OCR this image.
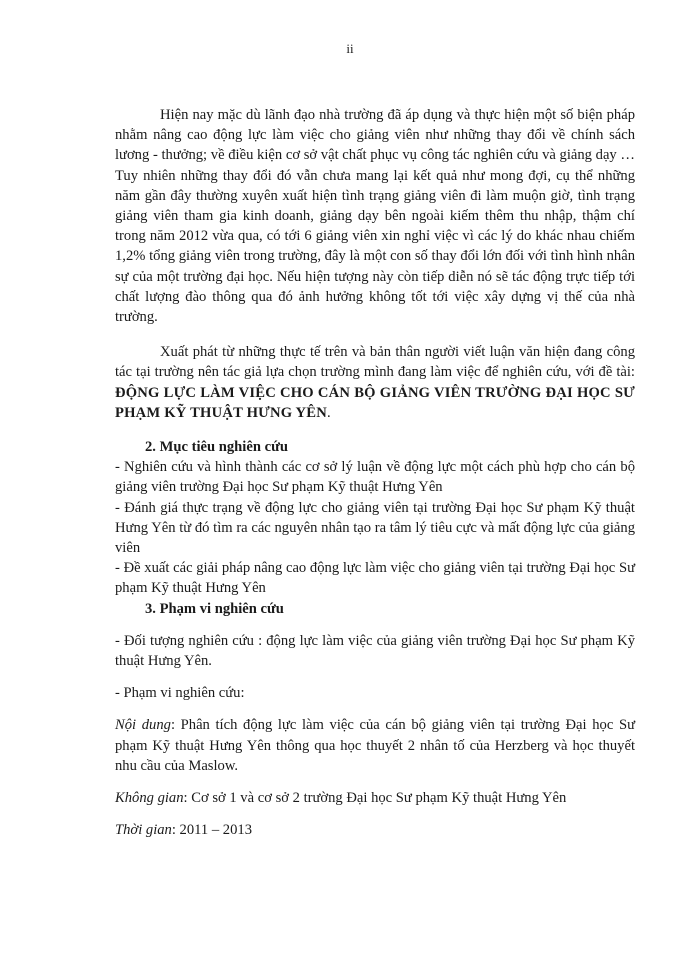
ii

Hiện nay mặc dù lãnh đạo nhà trường đã áp dụng và thực hiện một số biện pháp nhằm nâng cao động lực làm việc cho giảng viên như những thay đổi về chính sách lương - thưởng; về điều kiện cơ sở vật chất phục vụ công tác nghiên cứu và giảng dạy … Tuy nhiên những thay đổi đó vẫn chưa mang lại kết quả như mong đợi, cụ thể những năm gần đây thường xuyên xuất hiện tình trạng giảng viên đi làm muộn giờ, tình trạng giảng viên tham gia kinh doanh, giảng dạy bên ngoài kiếm thêm thu nhập, thậm chí trong năm 2012 vừa qua, có tới 6 giảng viên xin nghỉ việc vì các lý do khác nhau chiếm 1,2% tổng giảng viên trong trường, đây là một con số thay đổi lớn đối với tình hình nhân sự của một trường đại học. Nếu hiện tượng này còn tiếp diễn nó sẽ tác động trực tiếp tới chất lượng đào thông qua đó ảnh hưởng không tốt tới việc xây dựng vị thế của nhà trường.

Xuất phát từ những thực tế trên và bản thân người viết luận văn hiện đang công tác tại trường nên tác giả lựa chọn trường mình đang làm việc để nghiên cứu, với đề tài: ĐỘNG LỰC LÀM VIỆC CHO CÁN BỘ GIẢNG VIÊN TRƯỜNG ĐẠI HỌC SƯ PHẠM KỸ THUẬT HƯNG YÊN.

2. Mục tiêu nghiên cứu

- Nghiên cứu và hình thành các cơ sở lý luận về động lực một cách phù hợp cho cán bộ giảng viên trường Đại học Sư phạm Kỹ thuật Hưng Yên

- Đánh giá thực trạng về động lực cho giảng viên tại trường Đại học Sư phạm Kỹ thuật Hưng Yên từ đó tìm ra các nguyên nhân tạo ra tâm lý tiêu cực và mất động lực của giảng viên

- Đề xuất các giải pháp nâng cao động lực làm việc cho giảng viên tại trường Đại học Sư phạm Kỹ thuật Hưng Yên

3. Phạm vi nghiên cứu

- Đối tượng nghiên cứu : động lực làm việc của giảng viên trường Đại học Sư phạm Kỹ thuật Hưng Yên.

- Phạm vi nghiên cứu:

Nội dung: Phân tích động lực làm việc của cán bộ giảng viên tại trường Đại học Sư phạm Kỹ thuật Hưng Yên thông qua học thuyết 2 nhân tố của Herzberg và học thuyết nhu cầu của Maslow.

Không gian: Cơ sở 1 và cơ sở 2 trường Đại học Sư phạm Kỹ thuật Hưng Yên

Thời gian: 2011 – 2013
